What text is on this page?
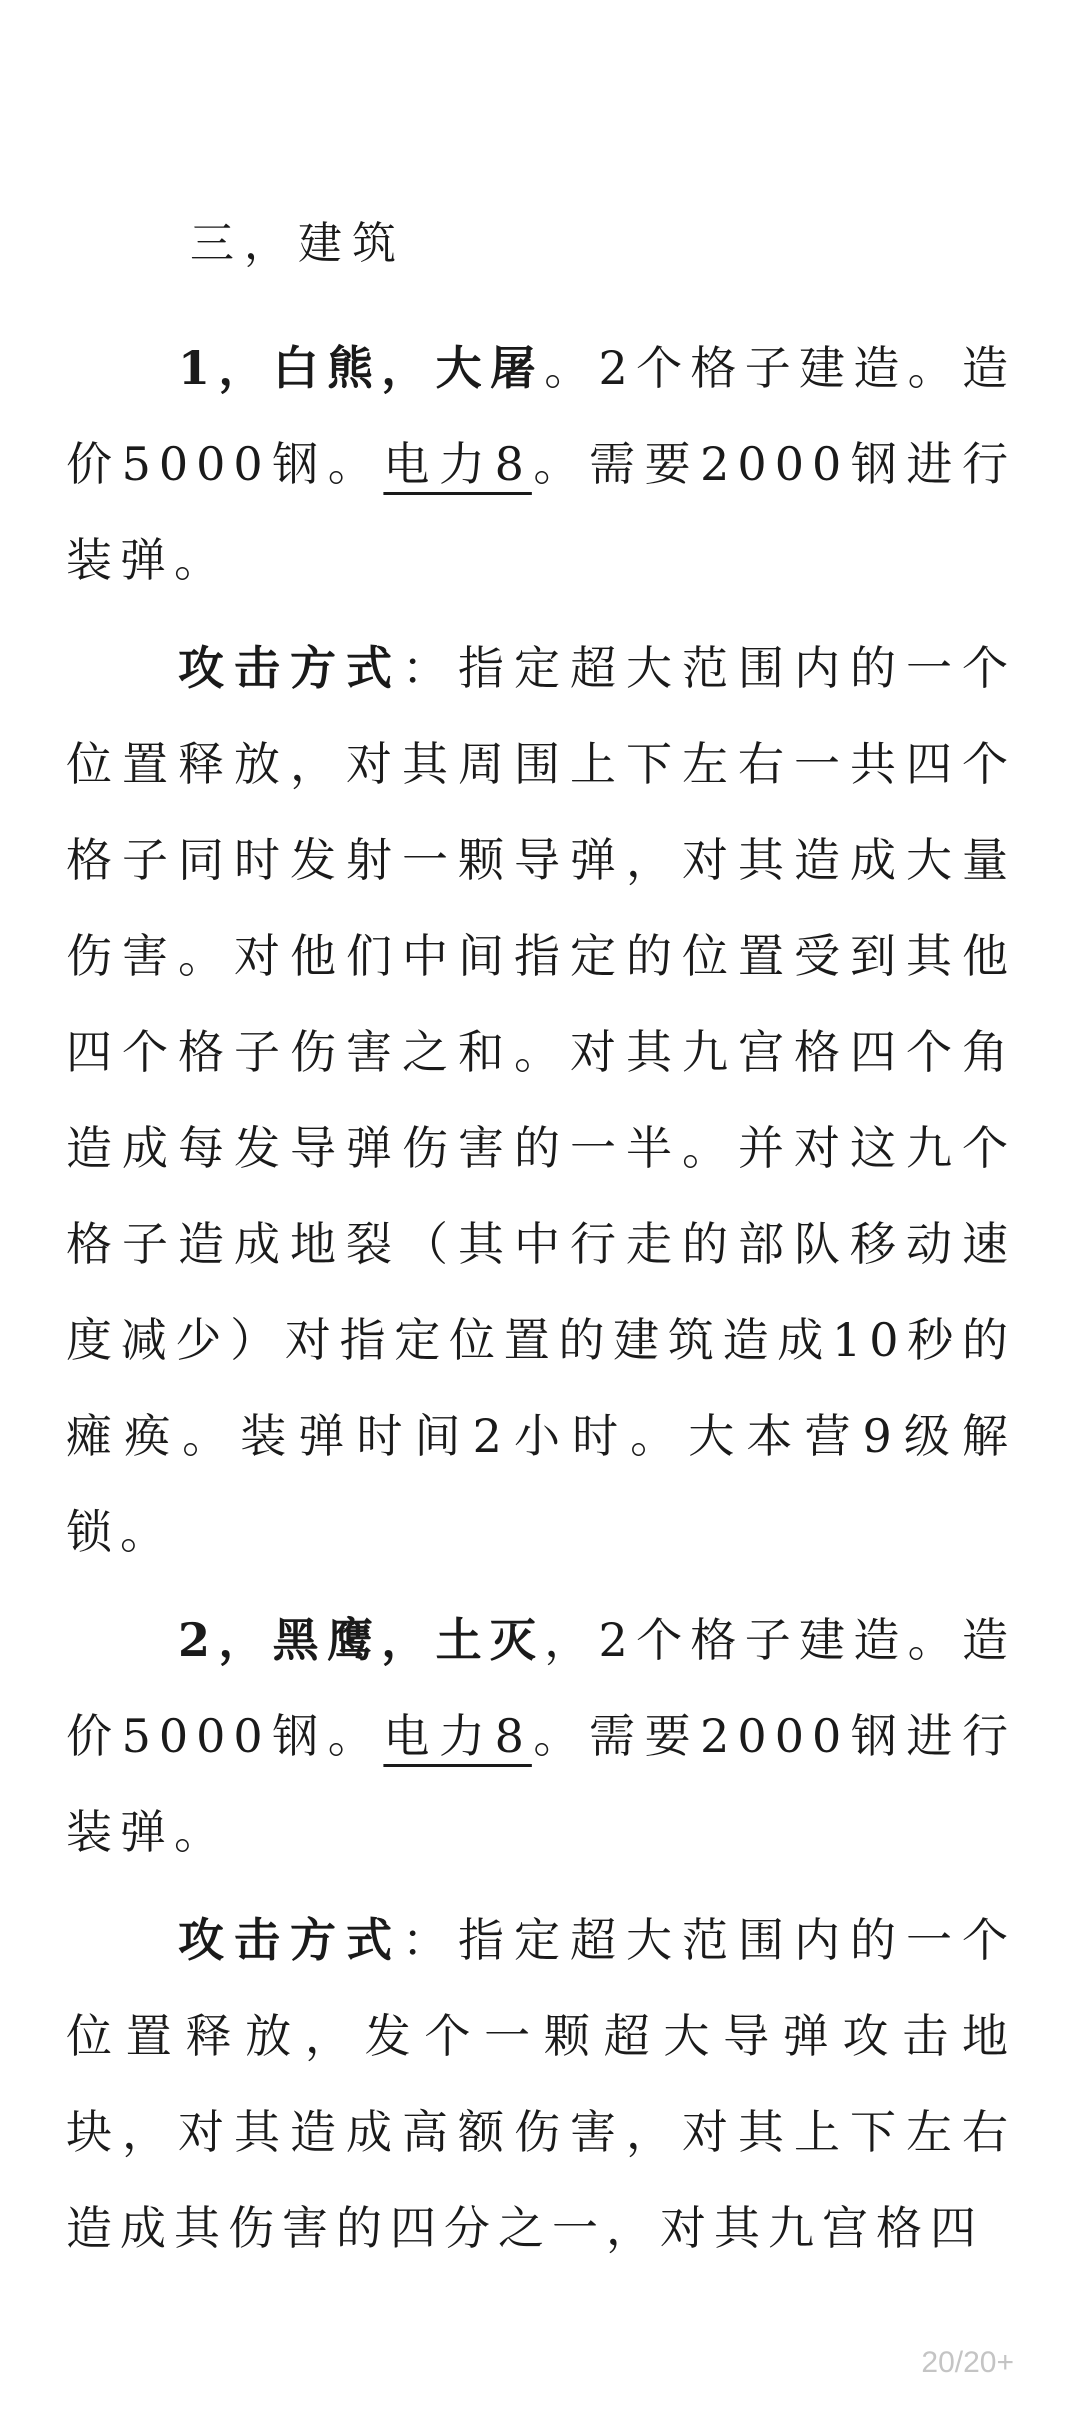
三，建筑

1，白熊，大屠。2个格子建造。造价5000钢。电力8。需要2000钢进行装弹。

攻击方式：指定超大范围内的一个位置释放，对其周围上下左右一共四个格子同时发射一颗导弹，对其造成大量伤害。对他们中间指定的位置受到其他四个格子伤害之和。对其九宫格四个角造成每发导弹伤害的一半。并对这九个格子造成地裂（其中行走的部队移动速度减少）对指定位置的建筑造成10秒的瘫痪。装弹时间2小时。大本营9级解锁。

2，黑鹰，土灭，2个格子建造。造价5000钢。电力8。需要2000钢进行装弹。

攻击方式：指定超大范围内的一个位置释放，发个一颗超大导弹攻击地块，对其造成高额伤害，对其上下左右造成其伤害的四分之一，对其九宫格四

20/20+
